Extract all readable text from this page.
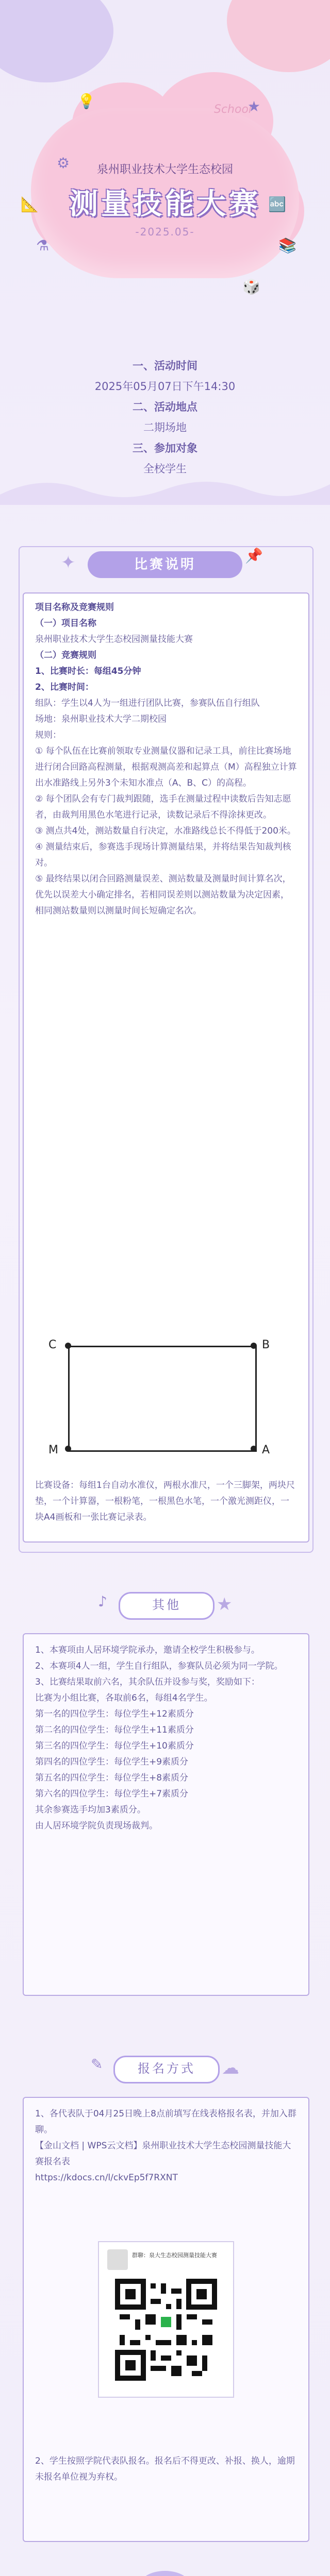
💡	School
★
📐
⚗
🔤
📚
🎲
⚙	泉州职业技术大学生态校园
测量技能大赛
-2025.05-

一、活动时间

2025年05月07日下午14:30

二、活动地点

二期场地

三、参加对象

全校学生

比赛说明
📌
✦

项目名称及竞赛规则

（一）项目名称

泉州职业技术大学生态校园测量技能大赛

（二）竞赛规则

1、比赛时长：每组45分钟

2、比赛时间：

组队：学生以4人为一组进行团队比赛，参赛队伍自行组队

场地：泉州职业技术大学二期校园

规则：

① 每个队伍在比赛前领取专业测量仪器和记录工具，前往比赛场地进行闭合回路高程测量，根据观测高差和起算点（M）高程独立计算出水准路线上另外3个未知水准点（A、B、C）的高程。

② 每个团队会有专门裁判跟随，选手在测量过程中读数后告知志愿者，由裁判用黑色水笔进行记录，读数记录后不得涂抹更改。

③ 测点共4处，测站数量自行决定，水准路线总长不得低于200米。

④ 测量结束后，参赛选手现场计算测量结果，并将结果告知裁判核对。

⑤ 最终结果以闭合回路测量误差、测站数量及测量时间计算名次，优先以误差大小确定排名，若相同误差则以测站数量为决定因素，相同测站数量则以测量时间长短确定名次。

C	B
M	A
比赛设备：每组1台自动水准仪，两根水准尺，一个三脚架，两块尺垫，一个计算器，一根粉笔，一根黑色水笔，一个激光测距仪，一块A4画板和一张比赛记录表。
其他
♪	★

1、本赛项由人居环境学院承办，邀请全校学生积极参与。

2、本赛项4人一组，学生自行组队，参赛队员必须为同一学院。

3、比赛结果取前六名，其余队伍并设参与奖，奖励如下：

比赛为小组比赛，各取前6名，每组4名学生。

第一名的四位学生：每位学生+12素质分

第二名的四位学生：每位学生+11素质分

第三名的四位学生：每位学生+10素质分

第四名的四位学生：每位学生+9素质分

第五名的四位学生：每位学生+8素质分

第六名的四位学生：每位学生+7素质分

其余参赛选手均加3素质分。

由人居环境学院负责现场裁判。

报名方式
✎	☁

1、各代表队于04月25日晚上8点前填写在线表格报名表，并加入群聊。

【金山文档 | WPS云文档】泉州职业技术大学生态校园测量技能大赛报名表

https://kdocs.cn/l/ckvEp5f7RXNT

2、学生按照学院代表队报名。报名后不得更改、补报、换人，逾期未报名单位视为弃权。

群聊：泉大生态校园测量技能大赛
